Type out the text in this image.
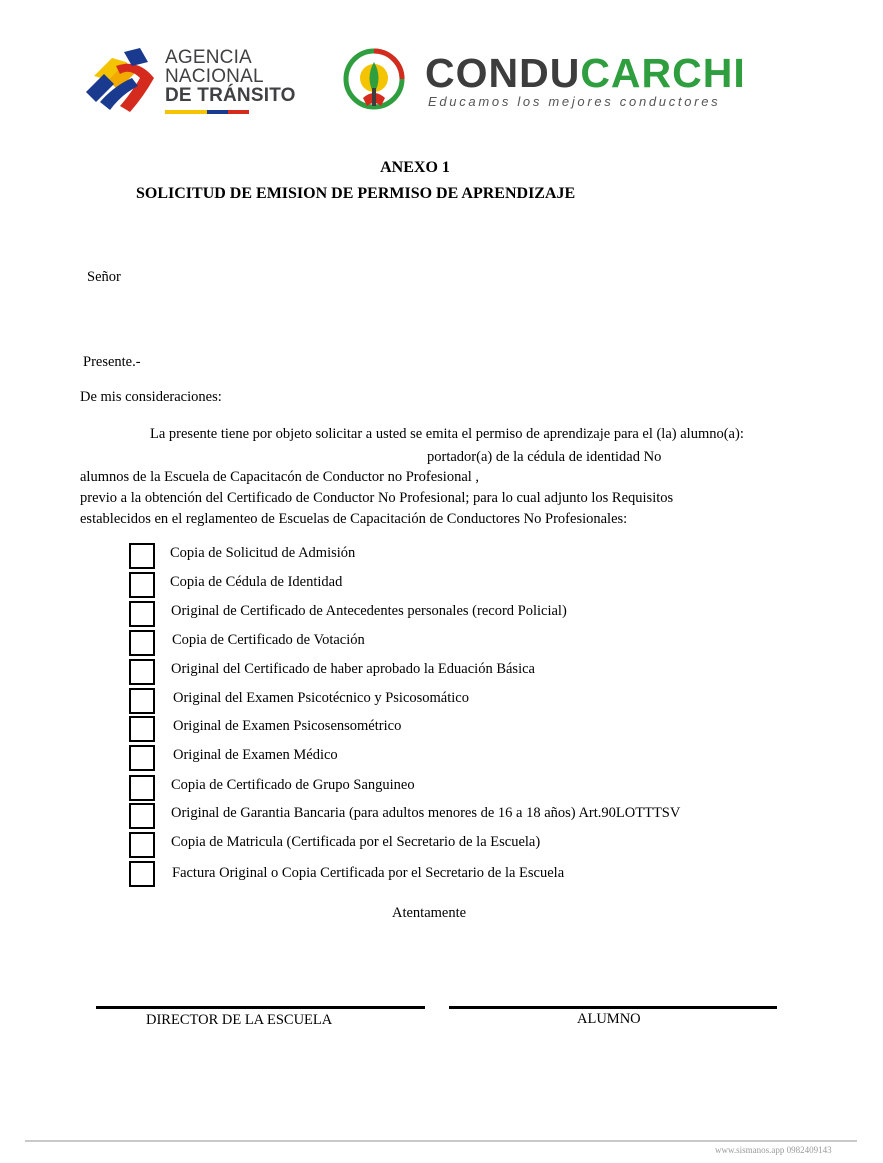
AGENCIA
NACIONAL
DE TRÁNSITO	CONDUCARCHI
Educamos los mejores conductores
ANEXO 1
SOLICITUD DE EMISION DE PERMISO DE APRENDIZAJE
Señor
Presente.-
De mis consideraciones:
La presente tiene por objeto solicitar a usted se emita el permiso de aprendizaje para el (la) alumno(a):
portador(a) de la cédula de identidad No
alumnos de la Escuela de Capacitacón de Conductor no Profesional ,
previo a la obtención del Certificado de Conductor No Profesional; para lo cual adjunto los Requisitos
establecidos en el reglamenteo de Escuelas de Capacitación de Conductores No Profesionales:
Copia de Solicitud de Admisión
Copia de Cédula de Identidad
Original de Certificado de Antecedentes personales (record Policial)
Copia de Certificado de Votación
Original del Certificado de haber aprobado la Eduación Básica
Original del Examen Psicotécnico y Psicosomático
Original de Examen Psicosensométrico
Original de Examen Médico
Copia de Certificado de Grupo Sanguineo
Original de Garantia Bancaria (para adultos menores de 16 a 18 años) Art.90LOTTTSV
Copia de Matricula (Certificada por el Secretario de la Escuela)
Factura Original o Copia Certificada por el Secretario de la Escuela
Atentamente
DIRECTOR DE LA ESCUELA	ALUMNO
www.sismanos.app 0982409143
